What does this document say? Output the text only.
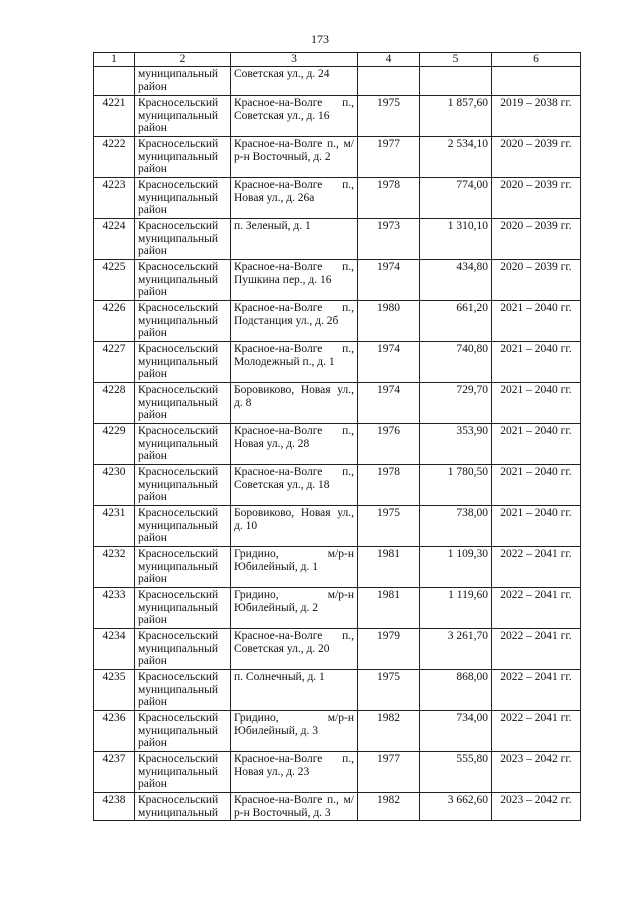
173
1	2	3	4	5	6

	муниципальный район	Советская ул., д. 24			

4221	Красносельский муниципальный район	Красное-на-Волге п., Советская ул., д. 16	1975	1 857,60	2019 – 2038 гг.
4222	Красносельский муниципальный район	Красное-на-Волге п., м/р-н Восточный, д. 2	1977	2 534,10	2020 – 2039 гг.
4223	Красносельский муниципальный район	Красное-на-Волге п., Новая ул., д. 26а	1978	774,00	2020 – 2039 гг.
4224	Красносельский муниципальный район	п. Зеленый, д. 1	1973	1 310,10	2020 – 2039 гг.
4225	Красносельский муниципальный район	Красное-на-Волге п., Пушкина пер., д. 16	1974	434,80	2020 – 2039 гг.
4226	Красносельский муниципальный район	Красное-на-Волге п., Подстанция ул., д. 2б	1980	661,20	2021 – 2040 гг.
4227	Красносельский муниципальный район	Красное-на-Волге п., Молодежный п., д. 1	1974	740,80	2021 – 2040 гг.
4228	Красносельский муниципальный район	Боровиково, Новая ул., д. 8	1974	729,70	2021 – 2040 гг.
4229	Красносельский муниципальный район	Красное-на-Волге п., Новая ул., д. 28	1976	353,90	2021 – 2040 гг.
4230	Красносельский муниципальный район	Красное-на-Волге п., Советская ул., д. 18	1978	1 780,50	2021 – 2040 гг.
4231	Красносельский муниципальный район	Боровиково, Новая ул., д. 10	1975	738,00	2021 – 2040 гг.
4232	Красносельский муниципальный район	Гридино, м/р-н Юбилейный, д. 1	1981	1 109,30	2022 – 2041 гг.
4233	Красносельский муниципальный район	Гридино, м/р-н Юбилейный, д. 2	1981	1 119,60	2022 – 2041 гг.
4234	Красносельский муниципальный район	Красное-на-Волге п., Советская ул., д. 20	1979	3 261,70	2022 – 2041 гг.
4235	Красносельский муниципальный район	п. Солнечный, д. 1	1975	868,00	2022 – 2041 гг.
4236	Красносельский муниципальный район	Гридино, м/р-н Юбилейный, д. 3	1982	734,00	2022 – 2041 гг.
4237	Красносельский муниципальный район	Красное-на-Волге п., Новая ул., д. 23	1977	555,80	2023 – 2042 гг.
4238	Красносельский муниципальный	Красное-на-Волге п., м/р-н Восточный, д. 3	1982	3 662,60	2023 – 2042 гг.
